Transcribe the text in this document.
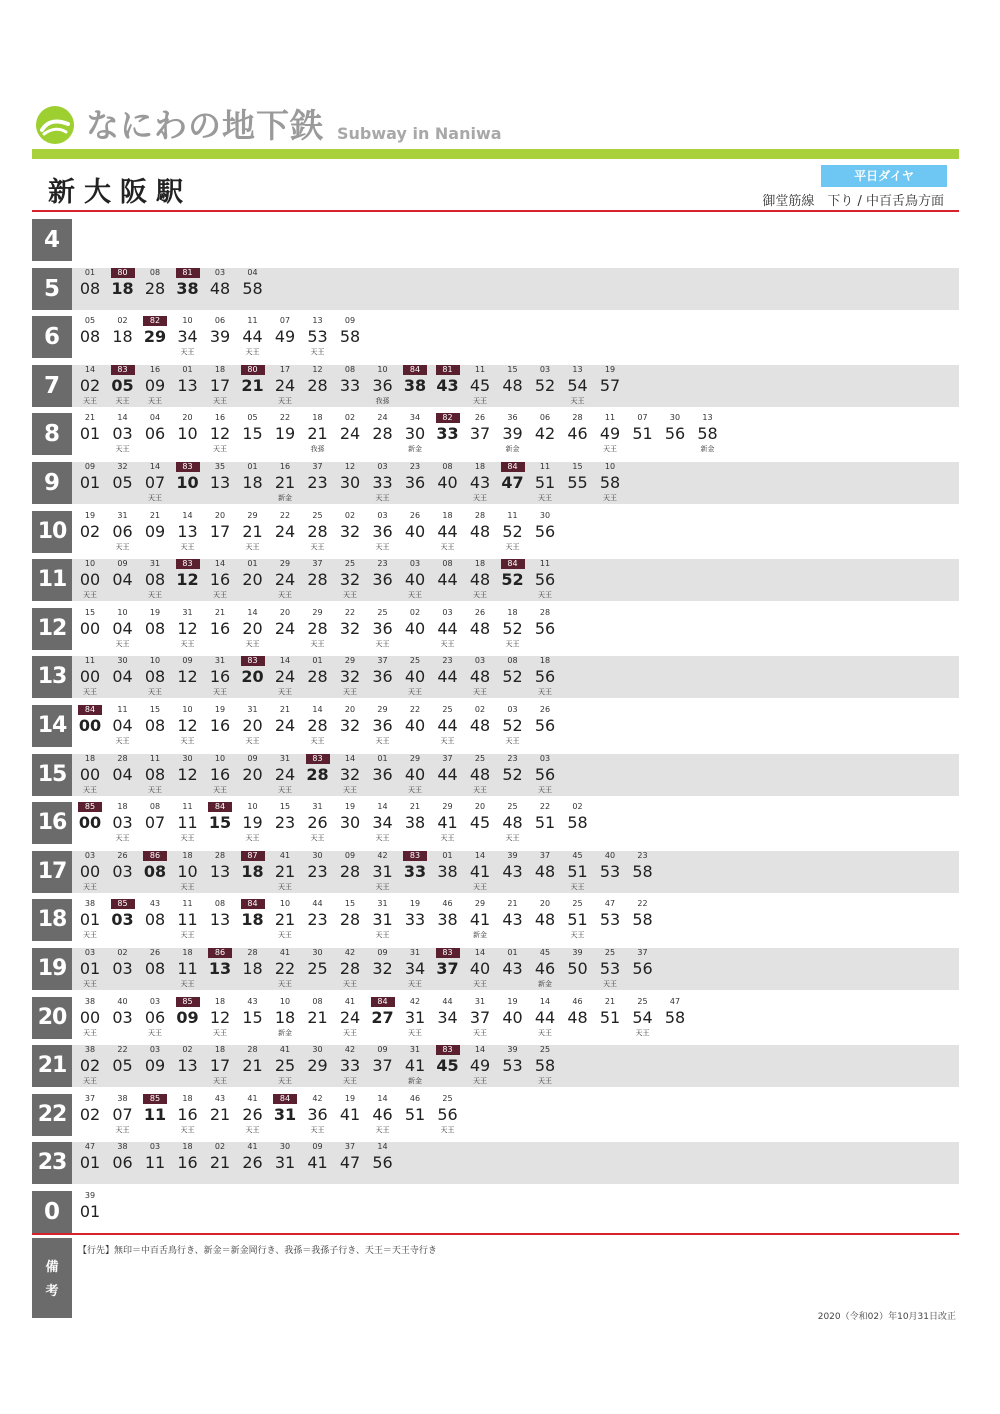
なにわの地下鉄 Subway in Naniwa
新大阪駅
平日ダイヤ
御堂筋線　下り / 中百舌鳥方面
4
5
01
08
80
18
08
28
81
38
03
48
04
58
6
05
08
02
18
82
29
10
34
天王
06
39
11
44
天王
07
49
13
53
天王
09
58
7
14
02
天王
83
05
天王
16
09
天王
01
13
18
17
天王
80
21
17
24
天王
12
28
08
33
10
36
我孫
84
38
81
43
11
45
天王
15
48
03
52
13
54
天王
19
57
8
21
01
14
03
天王
04
06
20
10
16
12
天王
05
15
22
19
18
21
我孫
02
24
24
28
34
30
新金
82
33
26
37
36
39
新金
06
42
28
46
11
49
天王
07
51
30
56
13
58
新金
9
09
01
32
05
14
07
天王
83
10
35
13
01
18
16
21
新金
37
23
12
30
03
33
天王
23
36
08
40
18
43
天王
84
47
11
51
天王
15
55
10
58
天王
10
19
02
31
06
天王
21
09
14
13
天王
20
17
29
21
天王
22
24
25
28
天王
02
32
03
36
天王
26
40
18
44
天王
28
48
11
52
天王
30
56
11
10
00
天王
09
04
31
08
天王
83
12
14
16
天王
01
20
29
24
天王
37
28
25
32
天王
23
36
03
40
天王
08
44
18
48
天王
84
52
11
56
天王
12
15
00
10
04
天王
19
08
31
12
天王
21
16
14
20
天王
20
24
29
28
天王
22
32
25
36
天王
02
40
03
44
天王
26
48
18
52
天王
28
56
13
11
00
天王
30
04
10
08
天王
09
12
31
16
天王
83
20
14
24
天王
01
28
29
32
天王
37
36
25
40
天王
23
44
03
48
天王
08
52
18
56
天王
14
84
00
11
04
天王
15
08
10
12
天王
19
16
31
20
天王
21
24
14
28
天王
20
32
29
36
天王
22
40
25
44
天王
02
48
03
52
天王
26
56
15
18
00
天王
28
04
11
08
天王
30
12
10
16
天王
09
20
31
24
天王
83
28
14
32
天王
01
36
29
40
天王
37
44
25
48
天王
23
52
03
56
天王
16
85
00
18
03
天王
08
07
11
11
天王
84
15
10
19
天王
15
23
31
26
天王
19
30
14
34
天王
21
38
29
41
天王
20
45
25
48
天王
22
51
02
58
17
03
00
天王
26
03
86
08
18
10
天王
28
13
87
18
41
21
天王
30
23
09
28
42
31
天王
83
33
01
38
14
41
天王
39
43
37
48
45
51
天王
40
53
23
58
18
38
01
天王
85
03
43
08
11
11
天王
08
13
84
18
10
21
天王
44
23
15
28
31
31
天王
19
33
46
38
29
41
新金
21
43
20
48
25
51
天王
47
53
22
58
19
03
01
天王
02
03
26
08
18
11
天王
86
13
28
18
41
22
天王
30
25
42
28
天王
09
32
31
34
天王
83
37
14
40
天王
01
43
45
46
新金
39
50
25
53
天王
37
56
20
38
00
天王
40
03
03
06
天王
85
09
18
12
天王
43
15
10
18
新金
08
21
41
24
天王
84
27
42
31
天王
44
34
31
37
天王
19
40
14
44
天王
46
48
21
51
25
54
天王
47
58
21
38
02
天王
22
05
03
09
02
13
18
17
天王
28
21
41
25
天王
30
29
42
33
天王
09
37
31
41
新金
83
45
14
49
天王
39
53
25
58
天王
22
37
02
38
07
天王
85
11
18
16
天王
43
21
41
26
天王
84
31
42
36
天王
19
41
14
46
天王
46
51
25
56
天王
23
47
01
38
06
03
11
18
16
02
21
41
26
30
31
09
41
37
47
14
56
0
39
01
備
考
【行先】無印＝中百舌鳥行き、新金＝新金岡行き、我孫＝我孫子行き、天王＝天王寺行き
2020（令和02）年10月31日改正
